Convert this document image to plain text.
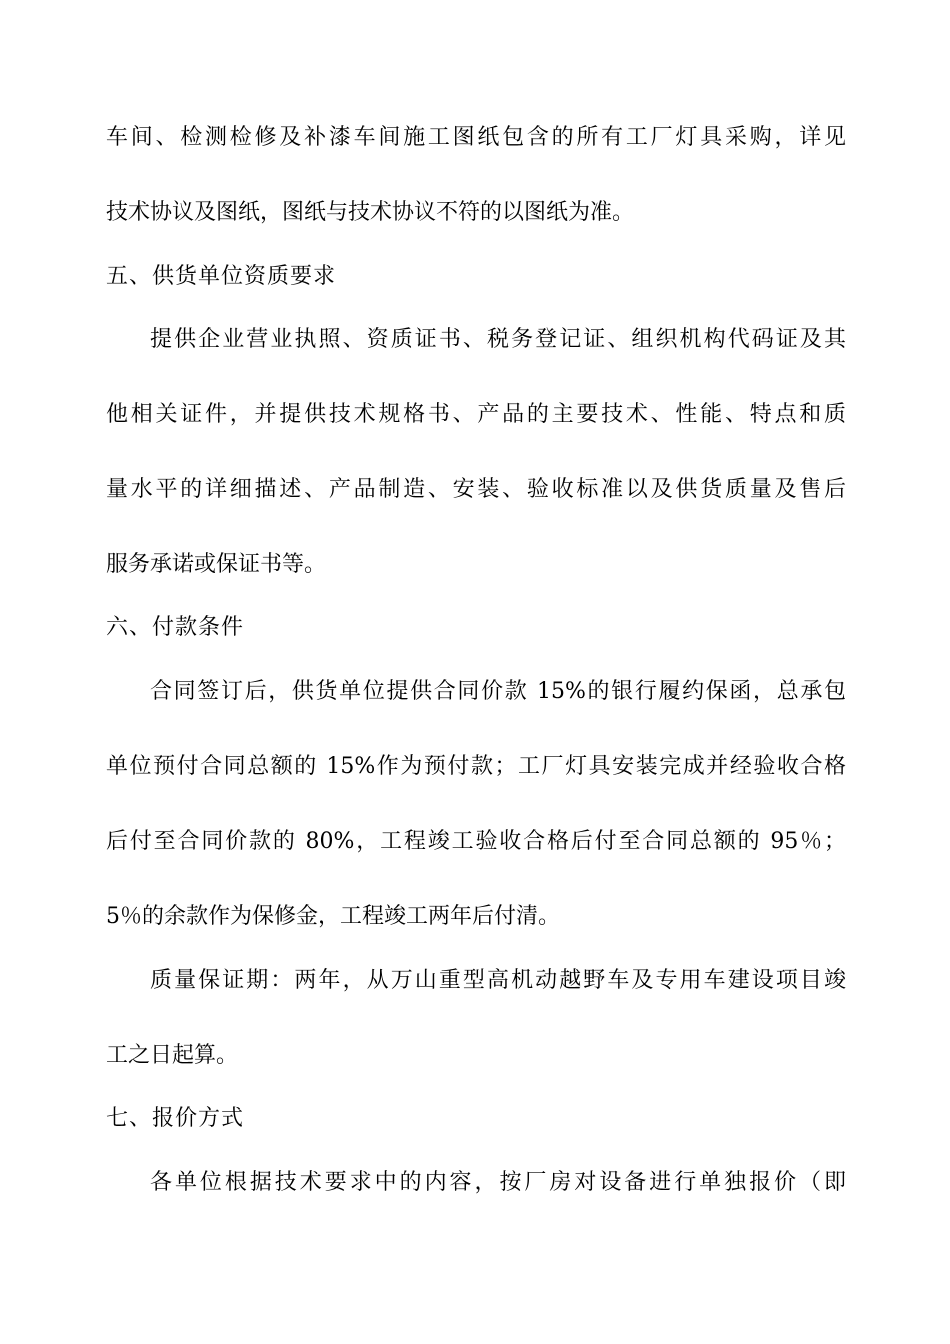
车间、检测检修及补漆车间施工图纸包含的所有工厂灯具采购，详见
技术协议及图纸，图纸与技术协议不符的以图纸为准。
五、供货单位资质要求
提供企业营业执照、资质证书、税务登记证、组织机构代码证及其
他相关证件，并提供技术规格书、产品的主要技术、性能、特点和质
量水平的详细描述、产品制造、安装、验收标准以及供货质量及售后
服务承诺或保证书等。
六、付款条件
合同签订后，供货单位提供合同价款 15%的银行履约保函，总承包
单位预付合同总额的 15%作为预付款；工厂灯具安装完成并经验收合格
后付至合同价款的 80%，工程竣工验收合格后付至合同总额的 95％；
5％的余款作为保修金，工程竣工两年后付清。
质量保证期：两年，从万山重型高机动越野车及专用车建设项目竣
工之日起算。
七、报价方式
各单位根据技术要求中的内容，按厂房对设备进行单独报价（即
